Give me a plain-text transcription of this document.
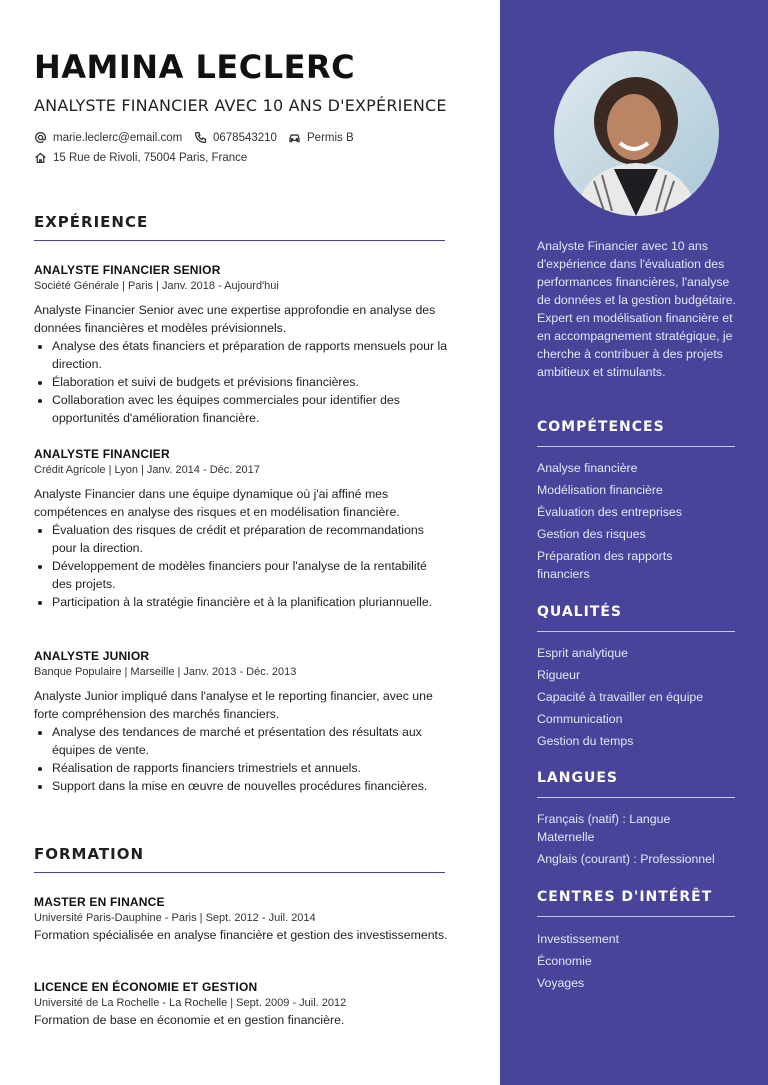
HAMINA LECLERC
ANALYSTE FINANCIER AVEC 10 ANS D'EXPÉRIENCE
marie.leclerc@email.com	0678543210	Permis B
15 Rue de Rivoli, 75004 Paris, France
EXPÉRIENCE
ANALYSTE FINANCIER SENIOR
Société Générale | Paris | Janv. 2018 - Aujourd'hui
Analyste Financier Senior avec une expertise approfondie en analyse des données financières et modèles prévisionnels.
• Analyse des états financiers et préparation de rapports mensuels pour la direction.
• Élaboration et suivi de budgets et prévisions financières.
• Collaboration avec les équipes commerciales pour identifier des opportunités d'amélioration financière.
ANALYSTE FINANCIER
Crédit Agricole | Lyon | Janv. 2014 - Déc. 2017
Analyste Financier dans une équipe dynamique où j'ai affiné mes compétences en analyse des risques et en modélisation financière.
• Évaluation des risques de crédit et préparation de recommandations pour la direction.
• Développement de modèles financiers pour l'analyse de la rentabilité des projets.
• Participation à la stratégie financière et à la planification pluriannuelle.
ANALYSTE JUNIOR
Banque Populaire | Marseille | Janv. 2013 - Déc. 2013
Analyste Junior impliqué dans l'analyse et le reporting financier, avec une forte compréhension des marchés financiers.
• Analyse des tendances de marché et présentation des résultats aux équipes de vente.
• Réalisation de rapports financiers trimestriels et annuels.
• Support dans la mise en œuvre de nouvelles procédures financières.
FORMATION
MASTER EN FINANCE
Université Paris-Dauphine - Paris | Sept. 2012 - Juil. 2014
Formation spécialisée en analyse financière et gestion des investissements.
LICENCE EN ÉCONOMIE ET GESTION
Université de La Rochelle - La Rochelle | Sept. 2009 - Juil. 2012
Formation de base en économie et en gestion financière.
Analyste Financier avec 10 ans d'expérience dans l'évaluation des performances financières, l'analyse de données et la gestion budgétaire. Expert en modélisation financière et en accompagnement stratégique, je cherche à contribuer à des projets ambitieux et stimulants.
COMPÉTENCES
Analyse financière
Modélisation financière
Évaluation des entreprises
Gestion des risques
Préparation des rapports financiers
QUALITÉS
Esprit analytique
Rigueur
Capacité à travailler en équipe
Communication
Gestion du temps
LANGUES
Français (natif) : Langue Maternelle
Anglais (courant) : Professionnel
CENTRES D'INTÉRÊT
Investissement
Économie
Voyages
